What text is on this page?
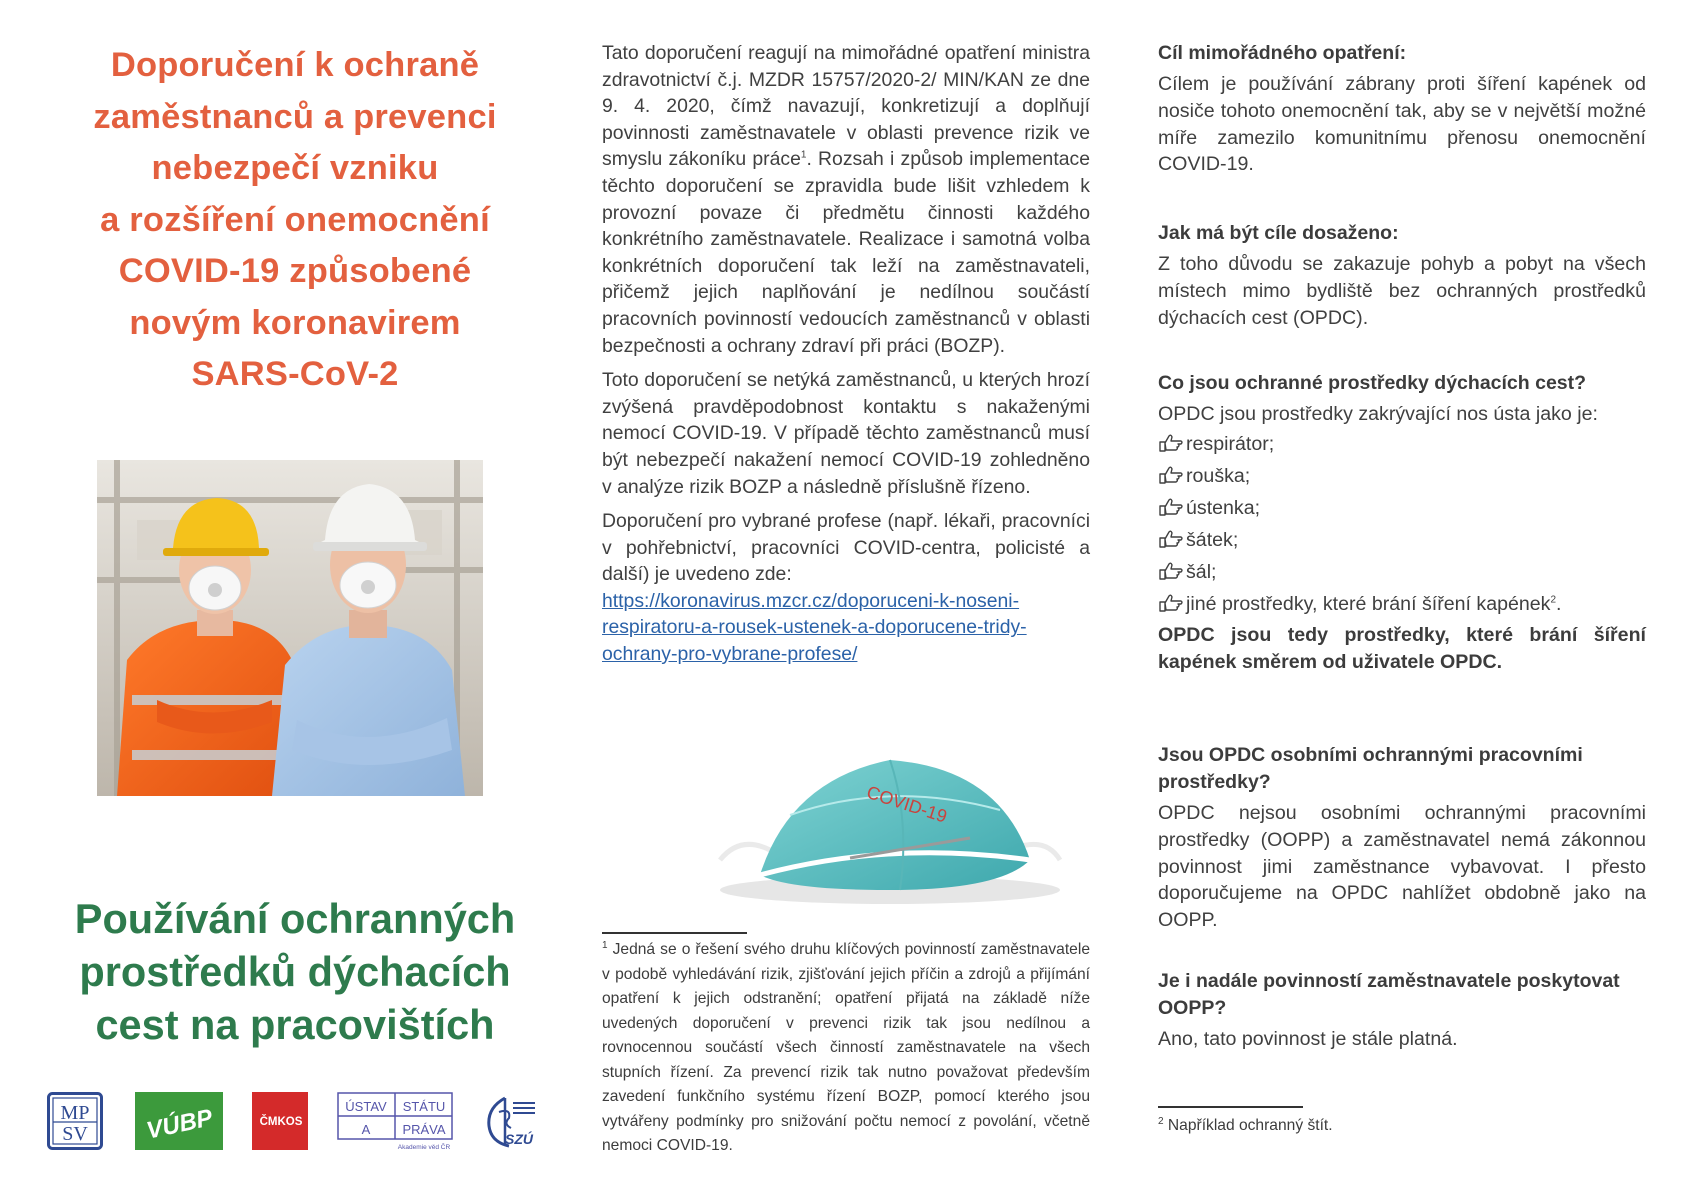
Doporučení k ochraně
zaměstnanců a prevenci
nebezpečí vzniku
a rozšíření onemocnění
COVID-19 způsobené
novým koronavirem
SARS-CoV-2
Používání ochranných
prostředků dýchacích
cest na pracovištích
MP
SV VÚBP	ČMKOS
ÚSTAV STÁTU
A PRÁVA
Akademie věd ČR
SZÚ

Tato doporučení reagují na mimořádné opatření ministra zdravotnictví č.j. MZDR 15757/2020-2/ MIN/KAN ze dne 9. 4. 2020, čímž navazují, konkretizují a doplňují povinnosti zaměstnavatele v oblasti prevence rizik ve smyslu zákoníku práce$^1$. Rozsah i způsob implementace těchto doporučení se zpravidla bude lišit vzhledem k provozní povaze či předmětu činnosti každého konkrétního zaměstnavatele. Realizace i samotná volba konkrétních doporučení tak leží na zaměstnavateli, přičemž jejich naplňování je nedílnou součástí pracovních povinností vedoucích zaměstnanců v oblasti bezpečnosti a ochrany zdraví při práci (BOZP).

Toto doporučení se netýká zaměstnanců, u kterých hrozí zvýšená pravděpodobnost kontaktu s nakaženými nemocí COVID-19. V případě těchto zaměstnanců musí být nebezpečí nakažení nemocí COVID-19 zohledněno v analýze rizik BOZP a následně příslušně řízeno.

Doporučení pro vybrané profese (např. lékaři, pracovníci v pohřebnictví, pracovníci COVID-centra, policisté a další) je uvedeno zde:
https://koronavirus.mzcr.cz/doporuceni-k-noseni-
respiratoru-a-rousek-ustenek-a-doporucene-tridy-
ochrany-pro-vybrane-profese/

COVID-19

$^1$ Jedná se o řešení svého druhu klíčových povinností zaměstnavatele v podobě vyhledávání rizik, zjišťování jejich příčin a zdrojů a přijímání opatření k jejich odstranění; opatření přijatá na základě níže uvedených doporučení v prevenci rizik tak jsou nedílnou a rovnocennou součástí všech činností zaměstnavatele na všech stupních řízení. Za prevencí rizik tak nutno považovat především zavedení funkčního systému řízení BOZP, pomocí kterého jsou vytvářeny podmínky pro snižování počtu nemocí z povolání, včetně nemoci COVID-19.

Cíl mimořádného opatření:

Cílem je používání zábrany proti šíření kapének od nosiče tohoto onemocnění tak, aby se v největší možné míře zamezilo komunitnímu přenosu onemocnění COVID-19.

Jak má být cíle dosaženo:

Z toho důvodu se zakazuje pohyb a pobyt na všech místech mimo bydliště bez ochranných prostředků dýchacích cest (OPDC).

Co jsou ochranné prostředky dýchacích cest?

OPDC jsou prostředky zakrývající nos ústa jako je:

respirátor;
rouška;
ústenka;
šátek;
šál;
jiné prostředky, které brání šíření kapének$^2$.

OPDC jsou tedy prostředky, které brání šíření kapének směrem od uživatele OPDC.

Jsou OPDC osobními ochrannými pracovními prostředky?

OPDC nejsou osobními ochrannými pracovními prostředky (OOPP) a zaměstnavatel nemá zákonnou povinnost jimi zaměstnance vybavovat. I přesto doporučujeme na OPDC nahlížet obdobně jako na OOPP.

Je i nadále povinností zaměstnavatele poskytovat OOPP?

Ano, tato povinnost je stále platná.

$^2$ Například ochranný štít.
